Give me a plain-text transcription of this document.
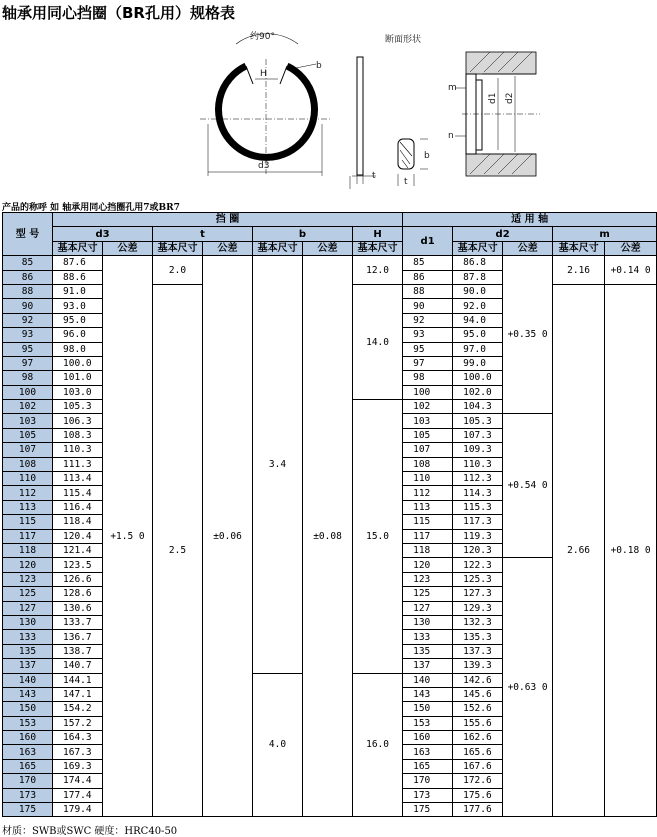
轴承用同心挡圈（BR孔用）规格表
约90°
H
b
d3
t
断面形状
t
b
m
n
d1 d2
产品的称呼 如 轴承用同心挡圈孔用7或BR7
型 号	挡 圈							适 用 轴				
	d3		t		b		H	d1	d2		m	
	基本尺寸	公差	基本尺寸	公差	基本尺寸	公差	基本尺寸		基本尺寸	公差	基本尺寸	公差
85	87.6	+1.5 0	2.0	±0.06	3.4	±0.08	12.0	85	86.8	+0.35 0	2.16	+0.14 0
86	88.6							86	87.8			
88	91.0		2.5				14.0	88	90.0		2.66	+0.18 0
90	93.0							90	92.0			
92	95.0							92	94.0			
93	96.0							93	95.0			
95	98.0							95	97.0			
97	100.0							97	99.0			
98	101.0							98	100.0			
100	103.0							100	102.0			
102	105.3						15.0	102	104.3			
103	106.3							103	105.3	+0.54 0		
105	108.3							105	107.3			
107	110.3							107	109.3			
108	111.3							108	110.3			
110	113.4							110	112.3			
112	115.4							112	114.3			
113	116.4							113	115.3			
115	118.4							115	117.3			
117	120.4							117	119.3			
118	121.4							118	120.3			
120	123.5							120	122.3	+0.63 0		
123	126.6							123	125.3			
125	128.6							125	127.3			
127	130.6							127	129.3			
130	133.7							130	132.3			
133	136.7							133	135.3			
135	138.7							135	137.3			
137	140.7							137	139.3			
140	144.1				4.0		16.0	140	142.6			
143	147.1							143	145.6			
150	154.2							150	152.6			
153	157.2							153	155.6			
160	164.3							160	162.6			
163	167.3							163	165.6			
165	169.3							165	167.6			
170	174.4							170	172.6			
173	177.4							173	175.6			
175	179.4							175	177.6			
材质：SWB或SWC 硬度：HRC40-50
